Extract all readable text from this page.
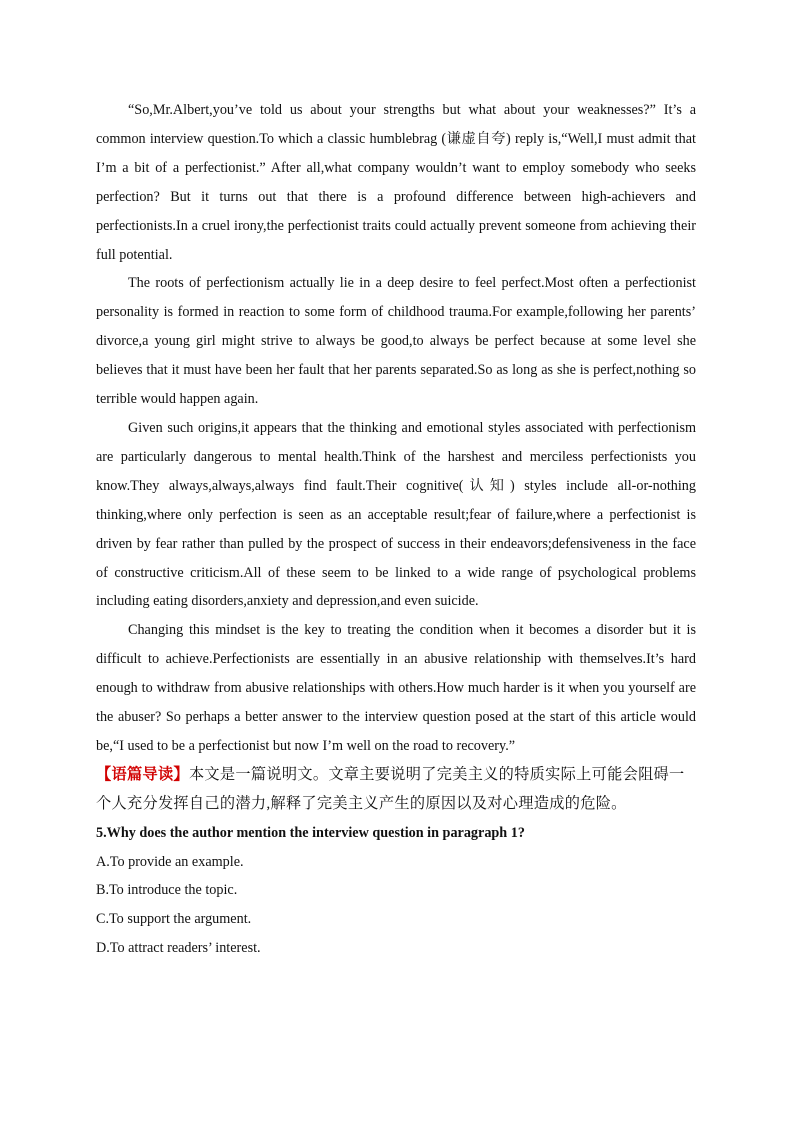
“So,Mr.Albert,you’ve told us about your strengths but what about your weaknesses?” It’s a common interview question.To which a classic humblebrag (谦虚自夸) reply is,“Well,I must admit that I’m a bit of a perfectionist.” After all,what company wouldn’t want to employ somebody who seeks perfection? But it turns out that there is a profound difference between high-achievers and perfectionists.In a cruel irony,the perfectionist traits could actually prevent someone from achieving their full potential.

The roots of perfectionism actually lie in a deep desire to feel perfect.Most often a perfectionist personality is formed in reaction to some form of childhood trauma.For example,following her parents’ divorce,a young girl might strive to always be good,to always be perfect because at some level she believes that it must have been her fault that her parents separated.So as long as she is perfect,nothing so terrible would happen again.

Given such origins,it appears that the thinking and emotional styles associated with perfectionism are particularly dangerous to mental health.Think of the harshest and merciless perfectionists you know.They always,always,always find fault.Their cognitive(认知) styles include all-or-nothing thinking,where only perfection is seen as an acceptable result;fear of failure,where a perfectionist is driven by fear rather than pulled by the prospect of success in their endeavors;defensiveness in the face of constructive criticism.All of these seem to be linked to a wide range of psychological problems including eating disorders,anxiety and depression,and even suicide.

Changing this mindset is the key to treating the condition when it becomes a disorder but it is difficult to achieve.Perfectionists are essentially in an abusive relationship with themselves.It’s hard enough to withdraw from abusive relationships with others.How much harder is it when you yourself are the abuser? So perhaps a better answer to the interview question posed at the start of this article would be,“I used to be a perfectionist but now I’m well on the road to recovery.”

【语篇导读】本文是一篇说明文。文章主要说明了完美主义的特质实际上可能会阻碍一个人充分发挥自己的潜力,解释了完美主义产生的原因以及对心理造成的危险。

5.Why does the author mention the interview question in paragraph 1?

A.To provide an example.

B.To introduce the topic.

C.To support the argument.

D.To attract readers’ interest.
